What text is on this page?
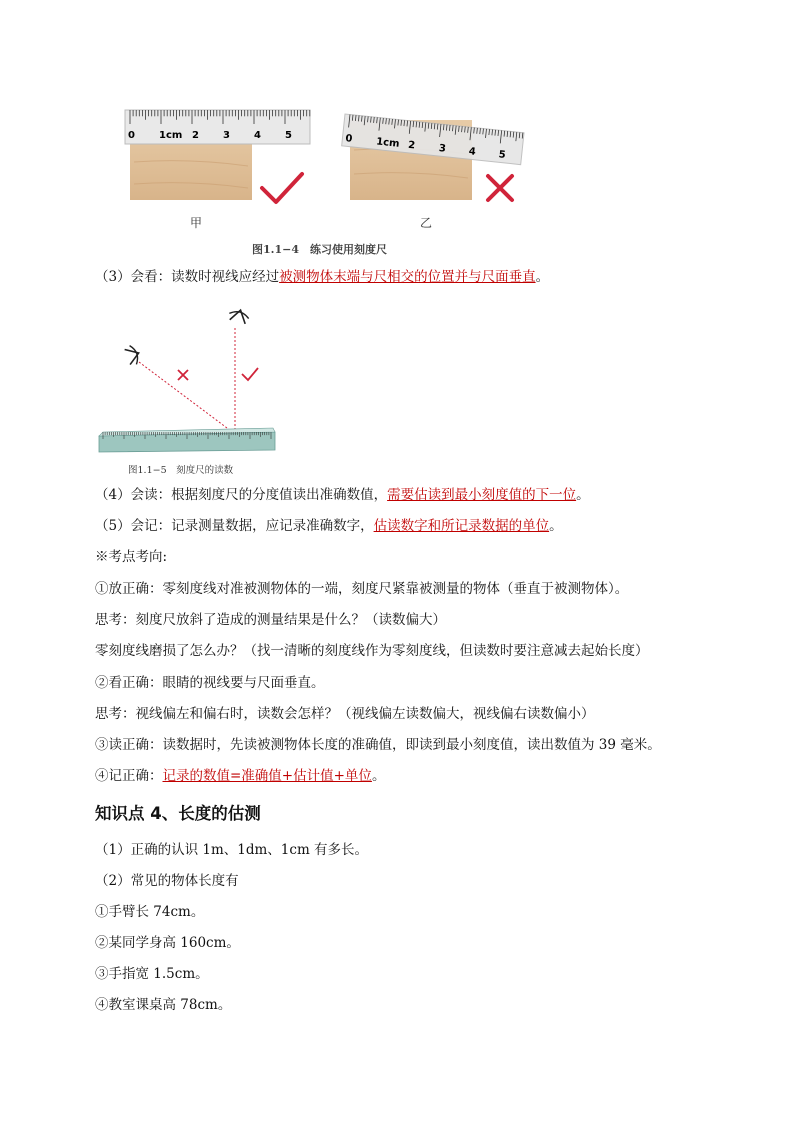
0 1cm 2 3 4 5	0 1cm 2 3 4 5
甲	乙
图1.1−4　练习使用刻度尺
（3）会看：读数时视线应经过被测物体末端与尺相交的位置并与尺面垂直。
图1.1−5　刻度尺的读数
（4）会读：根据刻度尺的分度值读出准确数值，需要估读到最小刻度值的下一位。
（5）会记：记录测量数据，应记录准确数字，估读数字和所记录数据的单位。
※考点考向:
①放正确：零刻度线对准被测物体的一端，刻度尺紧靠被测量的物体（垂直于被测物体）。
思考：刻度尺放斜了造成的测量结果是什么？（读数偏大）
零刻度线磨损了怎么办？（找一清晰的刻度线作为零刻度线，但读数时要注意减去起始长度）
②看正确：眼睛的视线要与尺面垂直。
思考：视线偏左和偏右时，读数会怎样？（视线偏左读数偏大，视线偏右读数偏小）
③读正确：读数据时，先读被测物体长度的准确值，即读到最小刻度值，读出数值为 39 毫米。
④记正确：记录的数值=准确值+估计值+单位。
知识点 4、长度的估测
（1）正确的认识 1m、1dm、1cm 有多长。
（2）常见的物体长度有
①手臂长 74cm。
②某同学身高 160cm。
③手指宽 1.5cm。
④教室课桌高 78cm。
